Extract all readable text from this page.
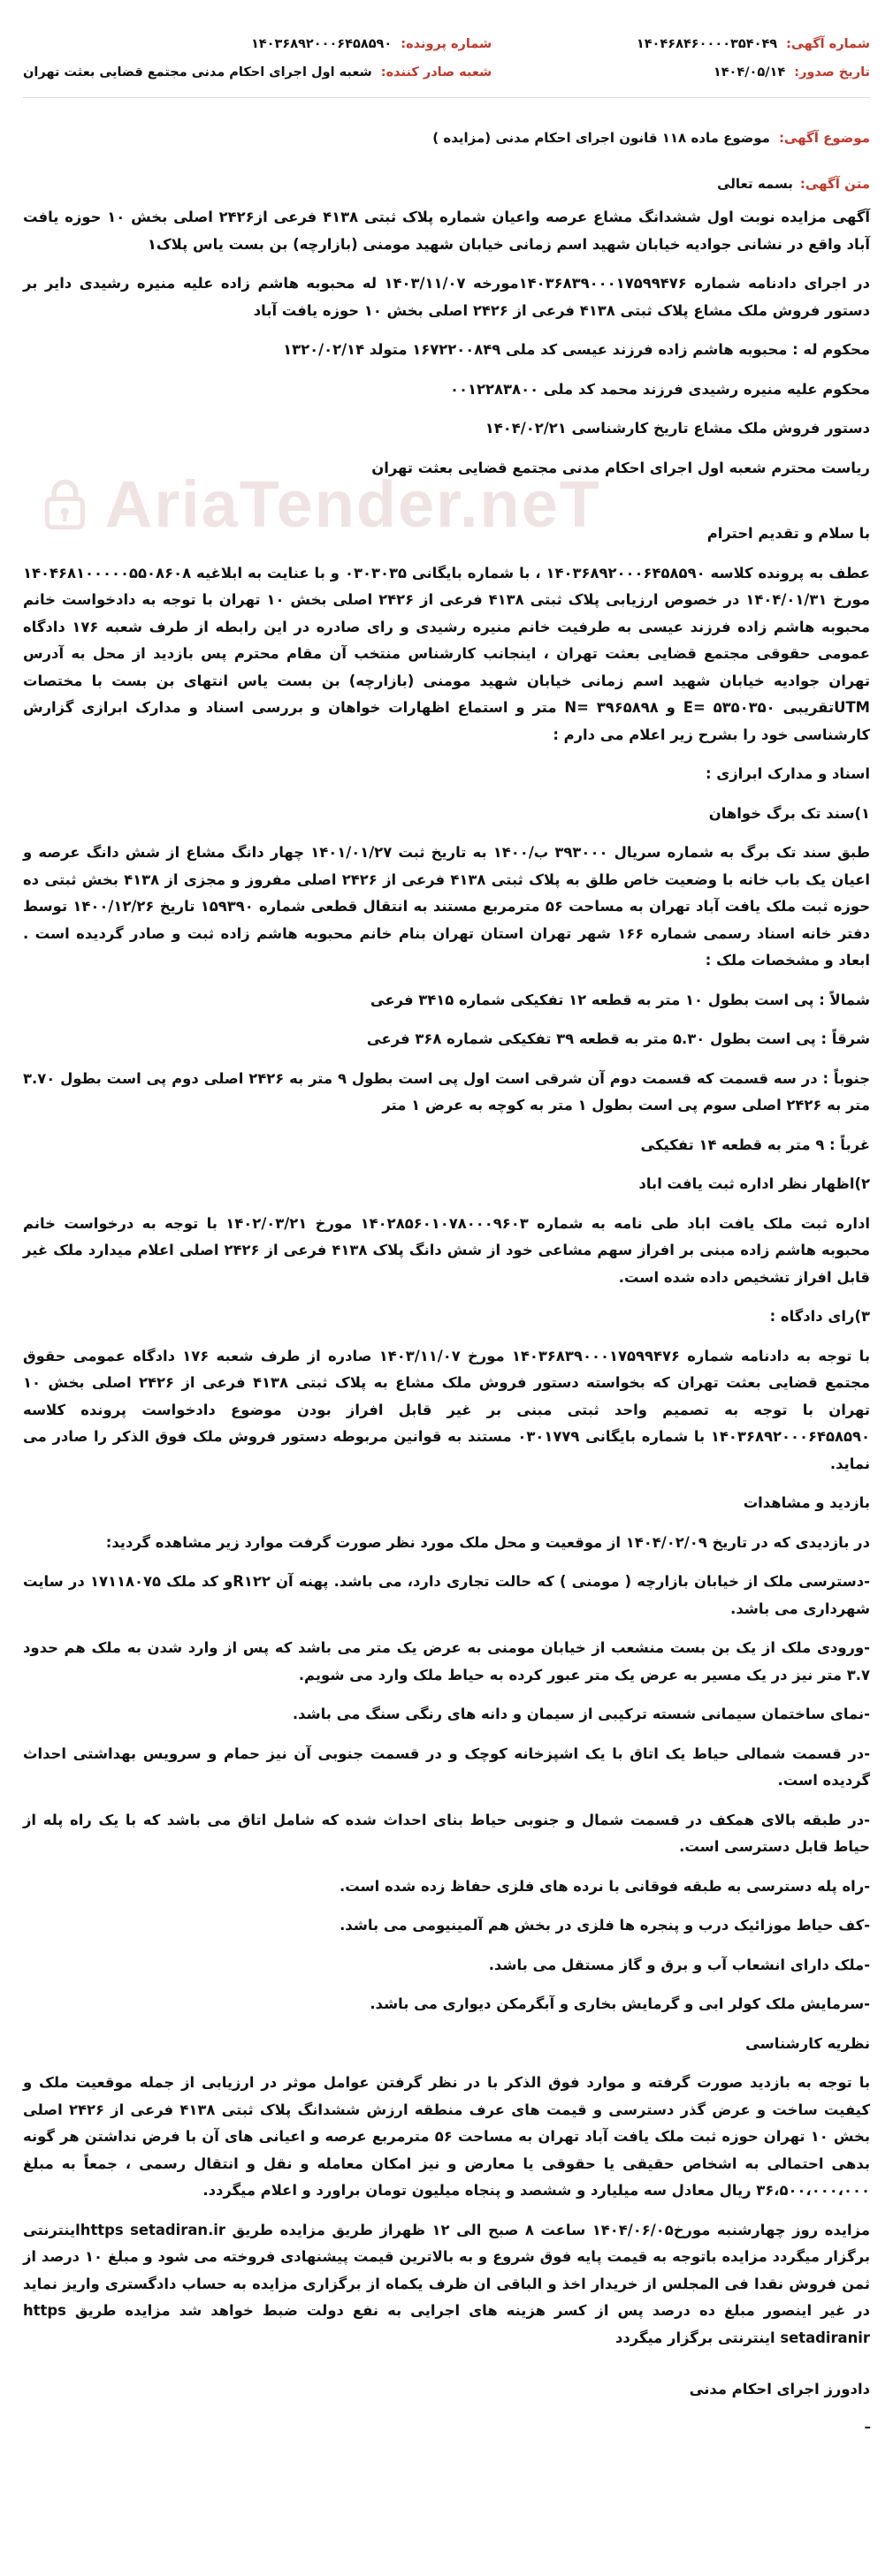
AriaTender.neT
شماره آگهی:
۱۴۰۴۶۸۴۶۰۰۰۰۳۵۴۰۴۹
شماره پرونده:
۱۴۰۳۶۸۹۲۰۰۰۶۴۵۸۵۹۰
تاریخ صدور:
۱۴۰۴/۰۵/۱۴
شعبه صادر کننده:
شعبه اول اجرای احکام مدنی مجتمع قضایی بعثت تهران
موضوع آگهی:
موضوع ماده ۱۱۸ قانون اجرای احکام مدنی (مزایده )
متن آگهی:
بسمه تعالی

آگهی مزایده نوبت اول ششدانگ مشاع عرصه واعیان شماره پلاک ثبتی ۴۱۳۸ فرعی از۲۴۲۶ اصلی بخش ۱۰ حوزه یافت آباد واقع در نشانی جوادیه خیابان شهید اسم زمانی خیابان شهید مومنی (بازارچه) بن بست یاس پلاک۱

در اجرای دادنامه شماره ۱۴۰۳۶۸۳۹۰۰۰۱۷۵۹۹۴۷۶مورخه ۱۴۰۳/۱۱/۰۷ له محبوبه هاشم زاده علیه منیره رشیدی دایر بر دستور فروش ملک مشاع پلاک ثبتی ۴۱۳۸ فرعی از ۲۴۲۶ اصلی بخش ۱۰ حوزه یافت آباد

محکوم له : محبوبه هاشم زاده فرزند عیسی کد ملی ۱۶۷۲۲۰۰۸۴۹ متولد ۱۳۲۰/۰۲/۱۴

محکوم علیه منیره رشیدی فرزند محمد کد ملی ۰۰۱۲۲۸۳۸۰۰

دستور فروش ملک مشاع تاریخ کارشناسی ۱۴۰۴/۰۲/۲۱

ریاست محترم شعبه اول اجرای احکام مدنی مجتمع قضایی بعثت تهران

با سلام و تقدیم احترام

عطف به پرونده کلاسه ۱۴۰۳۶۸۹۲۰۰۰۶۴۵۸۵۹۰ ، با شماره بایگانی ۰۳۰۳۰۳۵ و با عنایت به ابلاغیه ۱۴۰۴۶۸۱۰۰۰۰۰۵۵۰۸۶۰۸ مورخ ۱۴۰۴/۰۱/۳۱ در خصوص ارزیابی پلاک ثبتی ۴۱۳۸ فرعی از ۲۴۲۶ اصلی بخش ۱۰ تهران با توجه به دادخواست خانم محبوبه هاشم زاده فرزند عیسی به طرفیت خانم منیره رشیدی و رای صادره در این رابطه از طرف شعبه ۱۷۶ دادگاه عمومی حقوقی مجتمع قضایی بعثت تهران ، اینجانب کارشناس منتخب آن مقام محترم پس بازدید از محل به آدرس تهران جوادیه خیابان شهید اسم زمانی خیابان شهید مومنی (بازارچه) بن بست یاس انتهای بن بست با مختصات UTMتقریبی ۵۳۵۰۳۵۰ =E و ۳۹۶۵۸۹۸ =N متر و استماع اظهارات خواهان و بررسی اسناد و مدارک ابرازی گزارش کارشناسی خود را بشرح زیر اعلام می دارم :

اسناد و مدارک ابرازی :

۱)سند تک برگ خواهان

طبق سند تک برگ به شماره سریال ۳۹۳۰۰۰ ب/۱۴۰۰ به تاریخ ثبت ۱۴۰۱/۰۱/۲۷ چهار دانگ مشاع از شش دانگ عرصه و اعیان یک باب خانه با وضعیت خاص طلق به پلاک ثبتی ۴۱۳۸ فرعی از ۲۴۲۶ اصلی مفروز و مجزی از ۴۱۳۸ بخش ثبتی ده حوزه ثبت ملک یافت آباد تهران به مساحت ۵۶ مترمربع مستند به انتقال قطعی شماره ۱۵۹۳۹۰ تاریخ ۱۴۰۰/۱۲/۲۶ توسط دفتر خانه اسناد رسمی شماره ۱۶۶ شهر تهران استان تهران بنام خانم محبوبه هاشم زاده ثبت و صادر گردیده است . ابعاد و مشخصات ملک :

شمالاً : پی است بطول ۱۰ متر به قطعه ۱۲ تفکیکی شماره ۳۴۱۵ فرعی

شرقاً : پی است بطول ۵.۳۰ متر به قطعه ۳۹ تفکیکی شماره ۳۶۸ فرعی

جنوباً : در سه قسمت که قسمت دوم آن شرقی است اول پی است بطول ۹ متر به ۲۴۲۶ اصلی دوم پی است بطول ۳.۷۰ متر به ۲۴۲۶ اصلی سوم پی است بطول ۱ متر به کوچه به عرض ۱ متر

غرباً : ۹ متر به قطعه ۱۴ تفکیکی

۲)اظهار نظر اداره ثبت یافت اباد

اداره ثبت ملک یافت اباد طی نامه به شماره ۱۴۰۲۸۵۶۰۱۰۷۸۰۰۰۹۶۰۳ مورخ ۱۴۰۲/۰۳/۲۱ با توجه به درخواست خانم محبوبه هاشم زاده مبنی بر افراز سهم مشاعی خود از شش دانگ پلاک ۴۱۳۸ فرعی از ۲۴۲۶ اصلی اعلام میدارد ملک غیر قابل افراز تشخیص داده شده است.

۳)رای دادگاه :

با توجه به دادنامه شماره ۱۴۰۳۶۸۳۹۰۰۰۱۷۵۹۹۴۷۶ مورخ ۱۴۰۳/۱۱/۰۷ صادره از طرف شعبه ۱۷۶ دادگاه عمومی حقوق مجتمع قضایی بعثت تهران که بخواسته دستور فروش ملک مشاع به پلاک ثبتی ۴۱۳۸ فرعی از ۲۴۲۶ اصلی بخش ۱۰ تهران با توجه به تصمیم واحد ثبتی مبنی بر غیر قابل افراز بودن موضوع دادخواست پرونده کلاسه ۱۴۰۳۶۸۹۲۰۰۰۶۴۵۸۵۹۰ با شماره بایگانی ۰۳۰۱۷۷۹ مستند به قوانین مربوطه دستور فروش ملک فوق الذکر را صادر می نماید.

بازدید و مشاهدات

در بازدیدی که در تاریخ ۱۴۰۴/۰۲/۰۹ از موقعیت و محل ملک مورد نظر صورت گرفت موارد زیر مشاهده گردید:

-دسترسی ملک از خیابان بازارچه ( مومنی ) که حالت تجاری دارد، می باشد. پهنه آن R۱۲۲و کد ملک ۱۷۱۱۸۰۷۵ در سایت شهرداری می باشد.

-ورودی ملک از یک بن بست منشعب از خیابان مومنی به عرض یک متر می باشد که پس از وارد شدن به ملک هم حدود ۳.۷ متر نیز در یک مسیر به عرض یک متر عبور کرده به حیاط ملک وارد می شویم.

-نمای ساختمان سیمانی شسته ترکیبی از سیمان و دانه های رنگی سنگ می باشد.

-در قسمت شمالی حیاط یک اتاق با یک اشپزخانه کوچک و در قسمت جنوبی آن نیز حمام و سرویس بهداشتی احداث گردیده است.

-در طبقه بالای همکف در قسمت شمال و جنوبی حیاط بنای احداث شده که شامل اتاق می باشد که با یک راه پله از حیاط قابل دسترسی است.

-راه پله دسترسی به طبقه فوقانی با نرده های فلزی حفاظ زده شده است.

-کف حیاط موزائیک درب و پنجره ها فلزی در بخش هم آلمینیومی می باشد.

-ملک دارای انشعاب آب و برق و گاز مستقل می باشد.

-سرمایش ملک کولر ابی و گرمایش بخاری و آبگرمکن دیواری می باشد.

نظریه کارشناسی

با توجه به بازدید صورت گرفته و موارد فوق الذکر با در نظر گرفتن عوامل موثر در ارزیابی از جمله موقعیت ملک و کیفیت ساخت و عرض گذر دسترسی و قیمت های عرف منطقه ارزش ششدانگ پلاک ثبتی ۴۱۳۸ فرعی از ۲۴۲۶ اصلی بخش ۱۰ تهران حوزه ثبت ملک یافت آباد تهران به مساحت ۵۶ مترمربع عرصه و اعیانی های آن با فرض نداشتن هر گونه بدهی احتمالی به اشخاص حقیقی یا حقوقی یا معارض و نیز امکان معامله و نقل و انتقال رسمی ، جمعاً به مبلغ ۳۶،۵۰۰،۰۰۰،۰۰۰ ریال معادل سه میلیارد و ششصد و پنجاه میلیون تومان براورد و اعلام میگردد.

مزایده روز چهارشنبه مورخ۱۴۰۴/۰۶/۰۵ ساعت ۸ صبح الی ۱۲ ظهراز طریق مزایده طریق https setadiran.irاینترنتی برگزار میگردد مزایده باتوجه به قیمت پایه فوق شروع و به بالاترین قیمت پیشنهادی فروخته می شود و مبلغ ۱۰ درصد از ثمن فروش نقدا فی المجلس از خریدار اخذ و الباقی ان ظرف یکماه از برگزاری مزایده به حساب دادگستری واریز نماید در غیر اینصور مبلغ ده درصد پس از کسر هزینه های اجرایی به نفع دولت ضبط خواهد شد مزایده طریق https setadiranir اینترنتی برگزار میگردد

دادورز اجرای احکام مدنی

ـ
